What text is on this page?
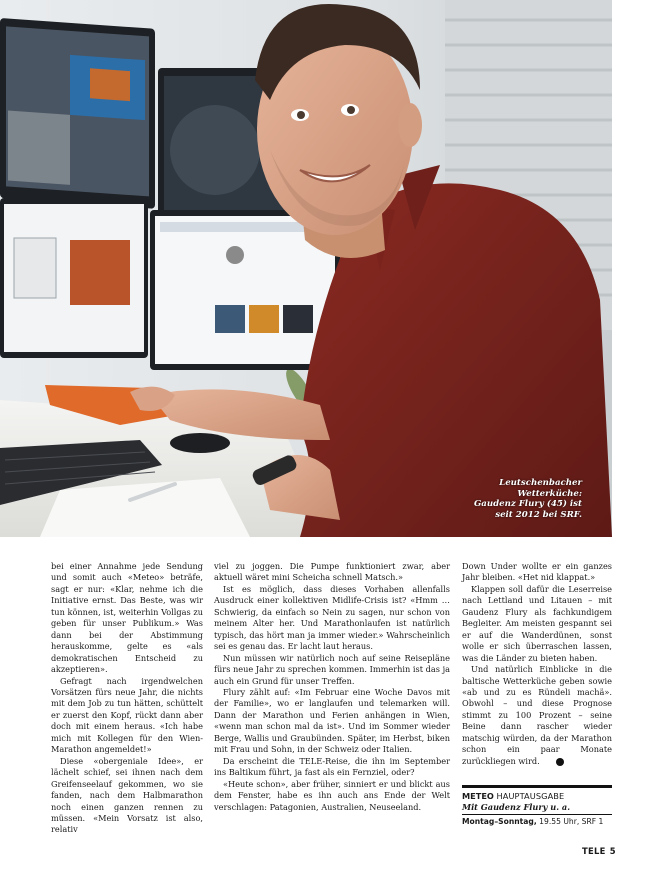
Leutschenbacher
Wetterküche:
Gaudenz Flury (45) ist
seit 2012 bei SRF.

bei einer Annahme jede Sendung und somit auch «Meteo» beträfe, sagt er nur: «Klar, nehme ich die Initiative ernst. Das Beste, was wir tun können, ist, weiterhin Vollgas zu geben für unser Publikum.» Was dann bei der Abstimmung herauskomme, gelte es «als demokratischen Entscheid zu akzeptieren».

Gefragt nach irgendwelchen Vorsätzen fürs neue Jahr, die nichts mit dem Job zu tun hätten, schüttelt er zuerst den Kopf, rückt dann aber doch mit einem heraus. «Ich habe mich mit Kollegen für den Wien-Marathon angemeldet!»

Diese «obergeniale Idee», er lächelt schief, sei ihnen nach dem Greifenseelauf gekommen, wo sie fanden, nach dem Halbmarathon noch einen ganzen rennen zu müssen. «Mein Vorsatz ist also, relativ

viel zu joggen. Die Pumpe funktioniert zwar, aber aktuell wäret mini Scheicha schnell Matsch.»

Ist es möglich, dass dieses Vorhaben allenfalls Ausdruck einer kollektiven Midlife-Crisis ist? «Hmm … Schwierig, da einfach so Nein zu sagen, nur schon von meinem Alter her. Und Marathonlaufen ist natürlich typisch, das hört man ja immer wieder.» Wahrscheinlich sei es genau das. Er lacht laut heraus.

Nun müssen wir natürlich noch auf seine Reisepläne fürs neue Jahr zu sprechen kommen. Immerhin ist das ja auch ein Grund für unser Treffen.

Flury zählt auf: «Im Februar eine Woche Davos mit der Familie», wo er langlaufen und telemarken will. Dann der Marathon und Ferien anhängen in Wien, «wenn man schon mal da ist». Und im Sommer wieder Berge, Wallis und Graubünden. Später, im Herbst, biken mit Frau und Sohn, in der Schweiz oder Italien.

Da erscheint die TELE-Reise, die ihn im September ins Baltikum führt, ja fast als ein Fernziel, oder?

«Heute schon», aber früher, sinniert er und blickt aus dem Fenster, habe es ihn auch ans Ende der Welt verschlagen: Patagonien, Australien, Neuseeland.

Down Under wollte er ein ganzes Jahr bleiben. «Het nid klappat.»

Klappen soll dafür die Leserreise nach Lettland und Litauen – mit Gaudenz Flury als fachkundigem Begleiter. Am meisten gespannt sei er auf die Wanderdünen, sonst wolle er sich überraschen lassen, was die Länder zu bieten haben.

Und natürlich Einblicke in die baltische Wetterküche geben sowie «ab und zu es Ründeli machä». Obwohl – und diese Prognose stimmt zu 100 Prozent – seine Beine dann rascher wieder matschig würden, da der Marathon schon ein paar Monate zurückliegen wird.	T

METEO HAUPTAUSGABE
Mit Gaudenz Flury u. a.
Montag–Sonntag, 19.55 Uhr, SRF 1
TELE 5
